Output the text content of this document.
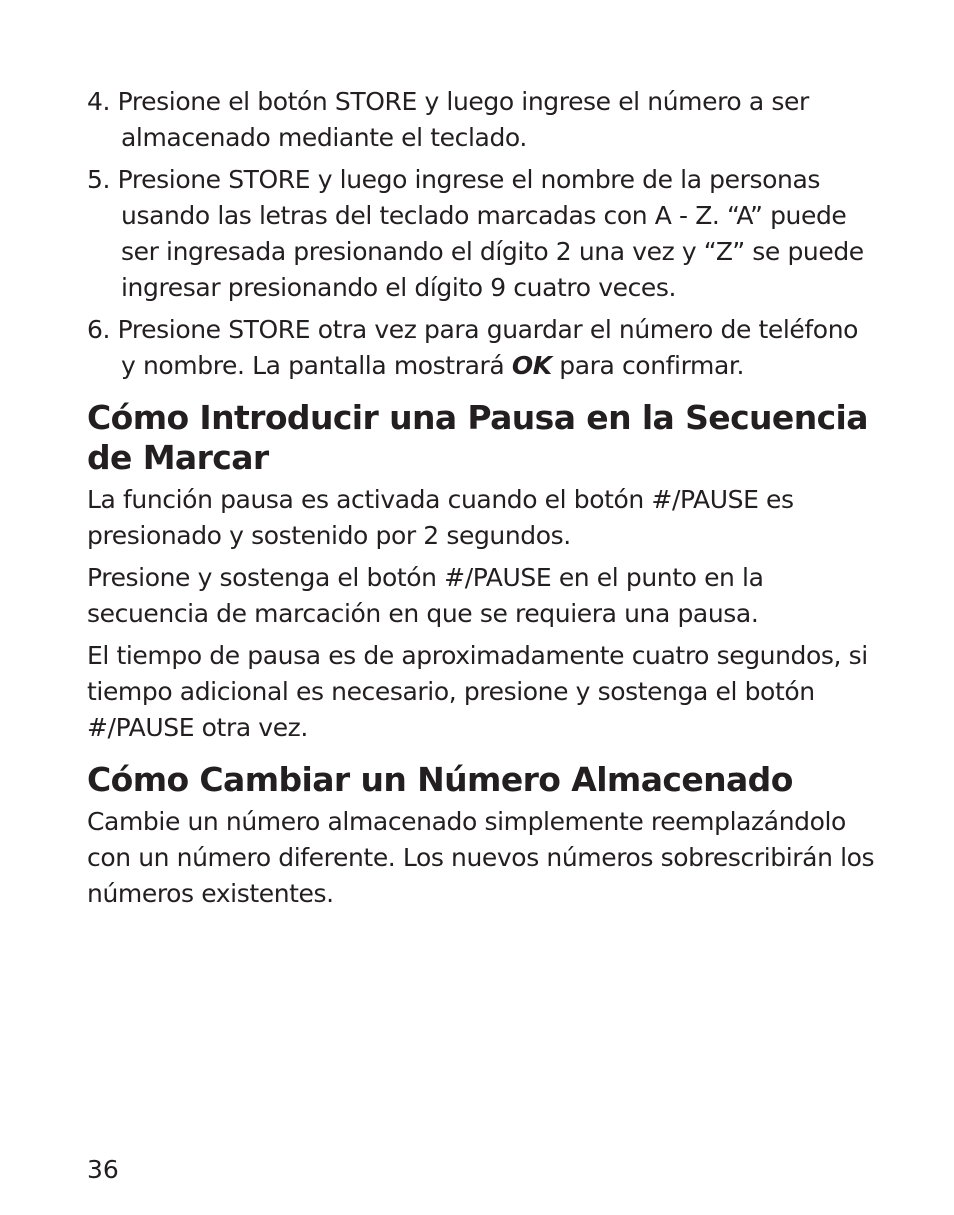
4. Presione el botón STORE y luego ingrese el número a ser almacenado mediante el teclado.
5. Presione STORE y luego ingrese el nombre de la personas usando las letras del teclado marcadas con A - Z. “A” puede ser ingresada presionando el dígito 2 una vez y “Z” se puede ingresar presionando el dígito 9 cuatro veces.
6. Presione STORE otra vez para guardar el número de teléfono y nombre. La pantalla mostrará OK para confirmar.
Cómo Introducir una Pausa en la Secuencia de Marcar

La función pausa es activada cuando el botón #/PAUSE es presionado y sostenido por 2 segundos.

Presione y sostenga el botón #/PAUSE en el punto en la secuencia de marcación en que se requiera una pausa.

El tiempo de pausa es de aproximadamente cuatro segundos, si tiempo adicional es necesario, presione y sostenga el botón #/PAUSE otra vez.

Cómo Cambiar un Número Almacenado

Cambie un número almacenado simplemente reemplazándolo con un número diferente. Los nuevos números sobrescribirán los números existentes.

36
